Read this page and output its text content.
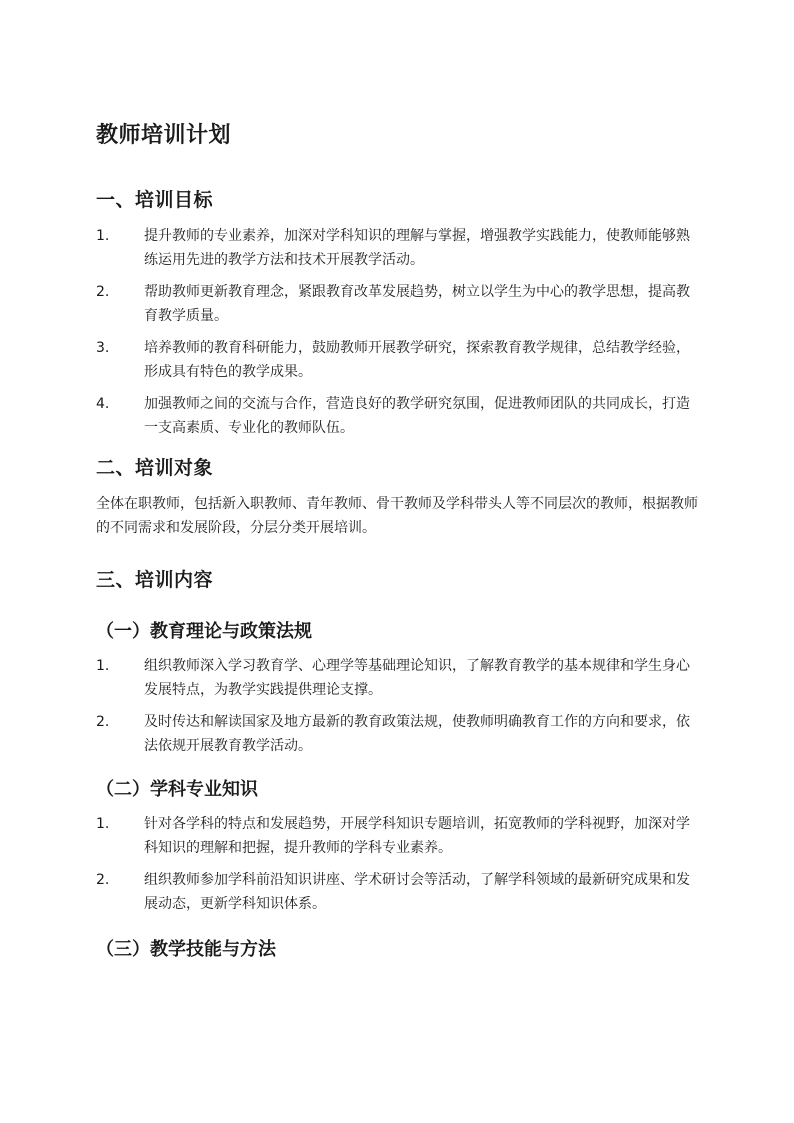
教师培训计划
一、培训目标
1.	提升教师的专业素养，加深对学科知识的理解与掌握，增强教学实践能力，使教师能够熟练运用先进的教学方法和技术开展教学活动。
2.	帮助教师更新教育理念，紧跟教育改革发展趋势，树立以学生为中心的教学思想，提高教育教学质量。
3.	培养教师的教育科研能力，鼓励教师开展教学研究，探索教育教学规律，总结教学经验，形成具有特色的教学成果。
4.	加强教师之间的交流与合作，营造良好的教学研究氛围，促进教师团队的共同成长，打造一支高素质、专业化的教师队伍。
二、培训对象

全体在职教师，包括新入职教师、青年教师、骨干教师及学科带头人等不同层次的教师，根据教师的不同需求和发展阶段，分层分类开展培训。

三、培训内容
（一）教育理论与政策法规
1.	组织教师深入学习教育学、心理学等基础理论知识，了解教育教学的基本规律和学生身心发展特点，为教学实践提供理论支撑。
2.	及时传达和解读国家及地方最新的教育政策法规，使教师明确教育工作的方向和要求，依法依规开展教育教学活动。
（二）学科专业知识
1.	针对各学科的特点和发展趋势，开展学科知识专题培训，拓宽教师的学科视野，加深对学科知识的理解和把握，提升教师的学科专业素养。
2.	组织教师参加学科前沿知识讲座、学术研讨会等活动，了解学科领域的最新研究成果和发展动态，更新学科知识体系。
（三）教学技能与方法
